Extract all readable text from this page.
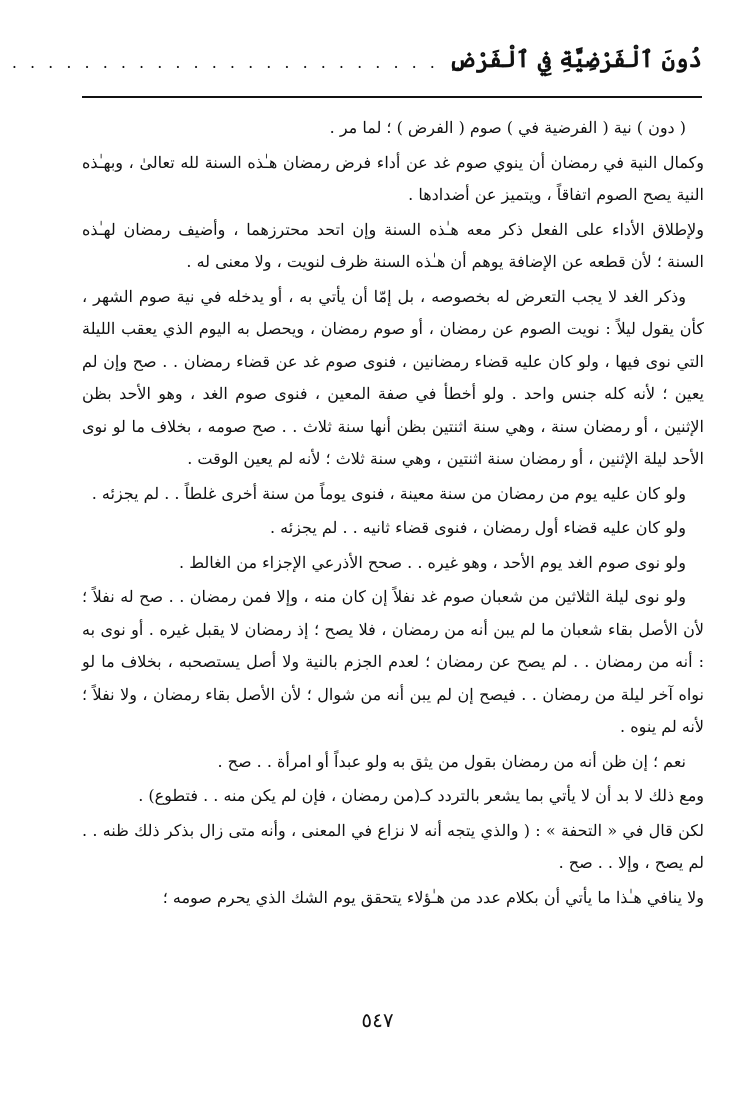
دُونَ ٱلْفَرْضِيَّةِ فِي ٱلْفَرْضِ
. . . . . . . . . . . . . . . . . . . . . . . .

( دون ) نية ( الفرضية في ) صوم ( الفرض ) ؛ لما مر .

وكمال النية في رمضان أن ينوي صوم غد عن أداء فرض رمضان هـٰذه السنة لله تعالىٰ ، وبهـٰذه النية يصح الصوم اتفاقاً ، ويتميز عن أضدادها .

ولإطلاق الأداء على الفعل ذكر معه هـٰذه السنة وإن اتحد محترزهما ، وأضيف رمضان لهـٰذه السنة ؛ لأن قطعه عن الإضافة يوهم أن هـٰذه السنة ظرف لنويت ، ولا معنى له .

وذكر الغد لا يجب التعرض له بخصوصه ، بل إمّا أن يأتي به ، أو يدخله في نية صوم الشهر ، كأن يقول ليلاً : نويت الصوم عن رمضان ، أو صوم رمضان ، ويحصل به اليوم الذي يعقب الليلة التي نوى فيها ، ولو كان عليه قضاء رمضانين ، فنوى صوم غد عن قضاء رمضان . . صح وإن لم يعين ؛ لأنه كله جنس واحد . ولو أخطأ في صفة المعين ، فنوى صوم الغد ، وهو الأحد بظن الإثنين ، أو رمضان سنة ، وهي سنة اثنتين بظن أنها سنة ثلاث . . صح صومه ، بخلاف ما لو نوى الأحد ليلة الإثنين ، أو رمضان سنة اثنتين ، وهي سنة ثلاث ؛ لأنه لم يعين الوقت .

ولو كان عليه يوم من رمضان من سنة معينة ، فنوى يوماً من سنة أخرى غلطاً . . لم يجزئه .

ولو كان عليه قضاء أول رمضان ، فنوى قضاء ثانيه . . لم يجزئه .

ولو نوى صوم الغد يوم الأحد ، وهو غيره . . صحح الأذرعي الإجزاء من الغالط .

ولو نوى ليلة الثلاثين من شعبان صوم غد نفلاً إن كان منه ، وإلا فمن رمضان . . صح له نفلاً ؛ لأن الأصل بقاء شعبان ما لم يبن أنه من رمضان ، فلا يصح ؛ إذ رمضان لا يقبل غيره . أو نوى به : أنه من رمضان . . لم يصح عن رمضان ؛ لعدم الجزم بالنية ولا أصل يستصحبه ، بخلاف ما لو نواه آخر ليلة من رمضان . . فيصح إن لم يبن أنه من شوال ؛ لأن الأصل بقاء رمضان ، ولا نفلاً ؛ لأنه لم ينوه .

نعم ؛ إن ظن أنه من رمضان بقول من يثق به ولو عبداً أو امرأة . . صح .

ومع ذلك لا بد أن لا يأتي بما يشعر بالتردد كـ(من رمضان ، فإن لم يكن منه . . فتطوع) .

لكن قال في « التحفة » : ( والذي يتجه أنه لا نزاع في المعنى ، وأنه متى زال بذكر ذلك ظنه . . لم يصح ، وإلا . . صح .

ولا ينافي هـٰذا ما يأتي أن بكلام عدد من هـٰؤلاء يتحقق يوم الشك الذي يحرم صومه ؛

٥٤٧
